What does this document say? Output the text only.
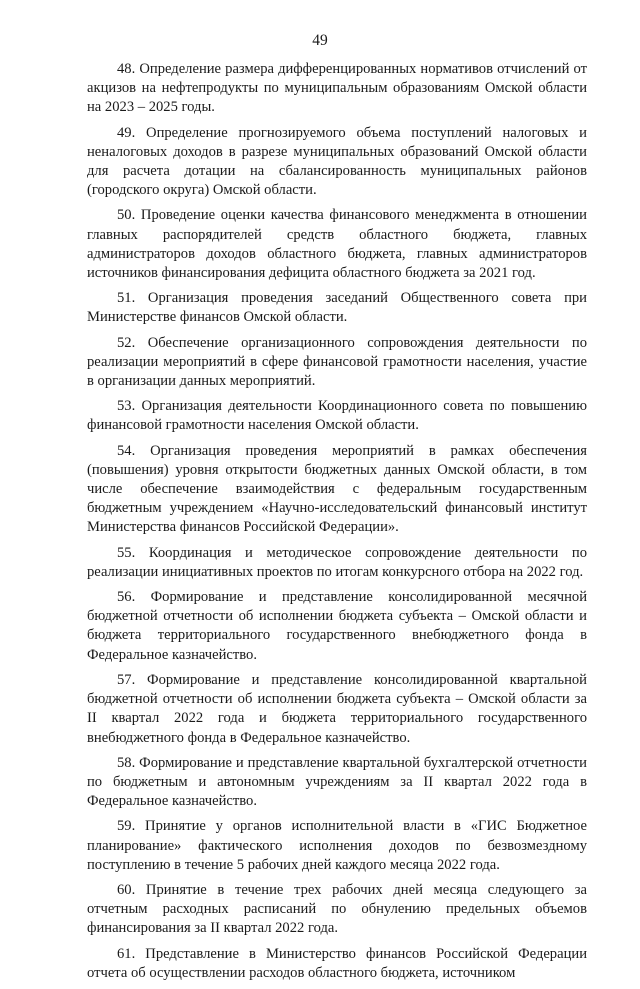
49

48. Определение размера дифференцированных нормативов отчислений от акцизов на нефтепродукты по муниципальным образованиям Омской области на 2023 – 2025 годы.

49. Определение прогнозируемого объема поступлений налоговых и неналоговых доходов в разрезе муниципальных образований Омской области для расчета дотации на сбалансированность муниципальных районов (городского округа) Омской области.

50. Проведение оценки качества финансового менеджмента в отношении главных распорядителей средств областного бюджета, главных администраторов доходов областного бюджета, главных администраторов источников финансирования дефицита областного бюджета за 2021 год.

51. Организация проведения заседаний Общественного совета при Министерстве финансов Омской области.

52. Обеспечение организационного сопровождения деятельности по реализации мероприятий в сфере финансовой грамотности населения, участие в организации данных мероприятий.

53. Организация деятельности Координационного совета по повышению финансовой грамотности населения Омской области.

54. Организация проведения мероприятий в рамках обеспечения (повышения) уровня открытости бюджетных данных Омской области, в том числе обеспечение взаимодействия с федеральным государственным бюджетным учреждением «Научно-исследовательский финансовый институт Министерства финансов Российской Федерации».

55. Координация и методическое сопровождение деятельности по реализации инициативных проектов по итогам конкурсного отбора на 2022 год.

56. Формирование и представление консолидированной месячной бюджетной отчетности об исполнении бюджета субъекта – Омской области и бюджета территориального государственного внебюджетного фонда в Федеральное казначейство.

57. Формирование и представление консолидированной квартальной бюджетной отчетности об исполнении бюджета субъекта – Омской области за II квартал 2022 года и бюджета территориального государственного внебюджетного фонда в Федеральное казначейство.

58. Формирование и представление квартальной бухгалтерской отчетности по бюджетным и автономным учреждениям за II квартал 2022 года в Федеральное казначейство.

59. Принятие у органов исполнительной власти в «ГИС Бюджетное планирование» фактического исполнения доходов по безвозмездному поступлению в течение 5 рабочих дней каждого месяца 2022 года.

60. Принятие в течение трех рабочих дней месяца следующего за отчетным расходных расписаний по обнулению предельных объемов финансирования за II квартал 2022 года.

61. Представление в Министерство финансов Российской Федерации отчета об осуществлении расходов областного бюджета, источником
